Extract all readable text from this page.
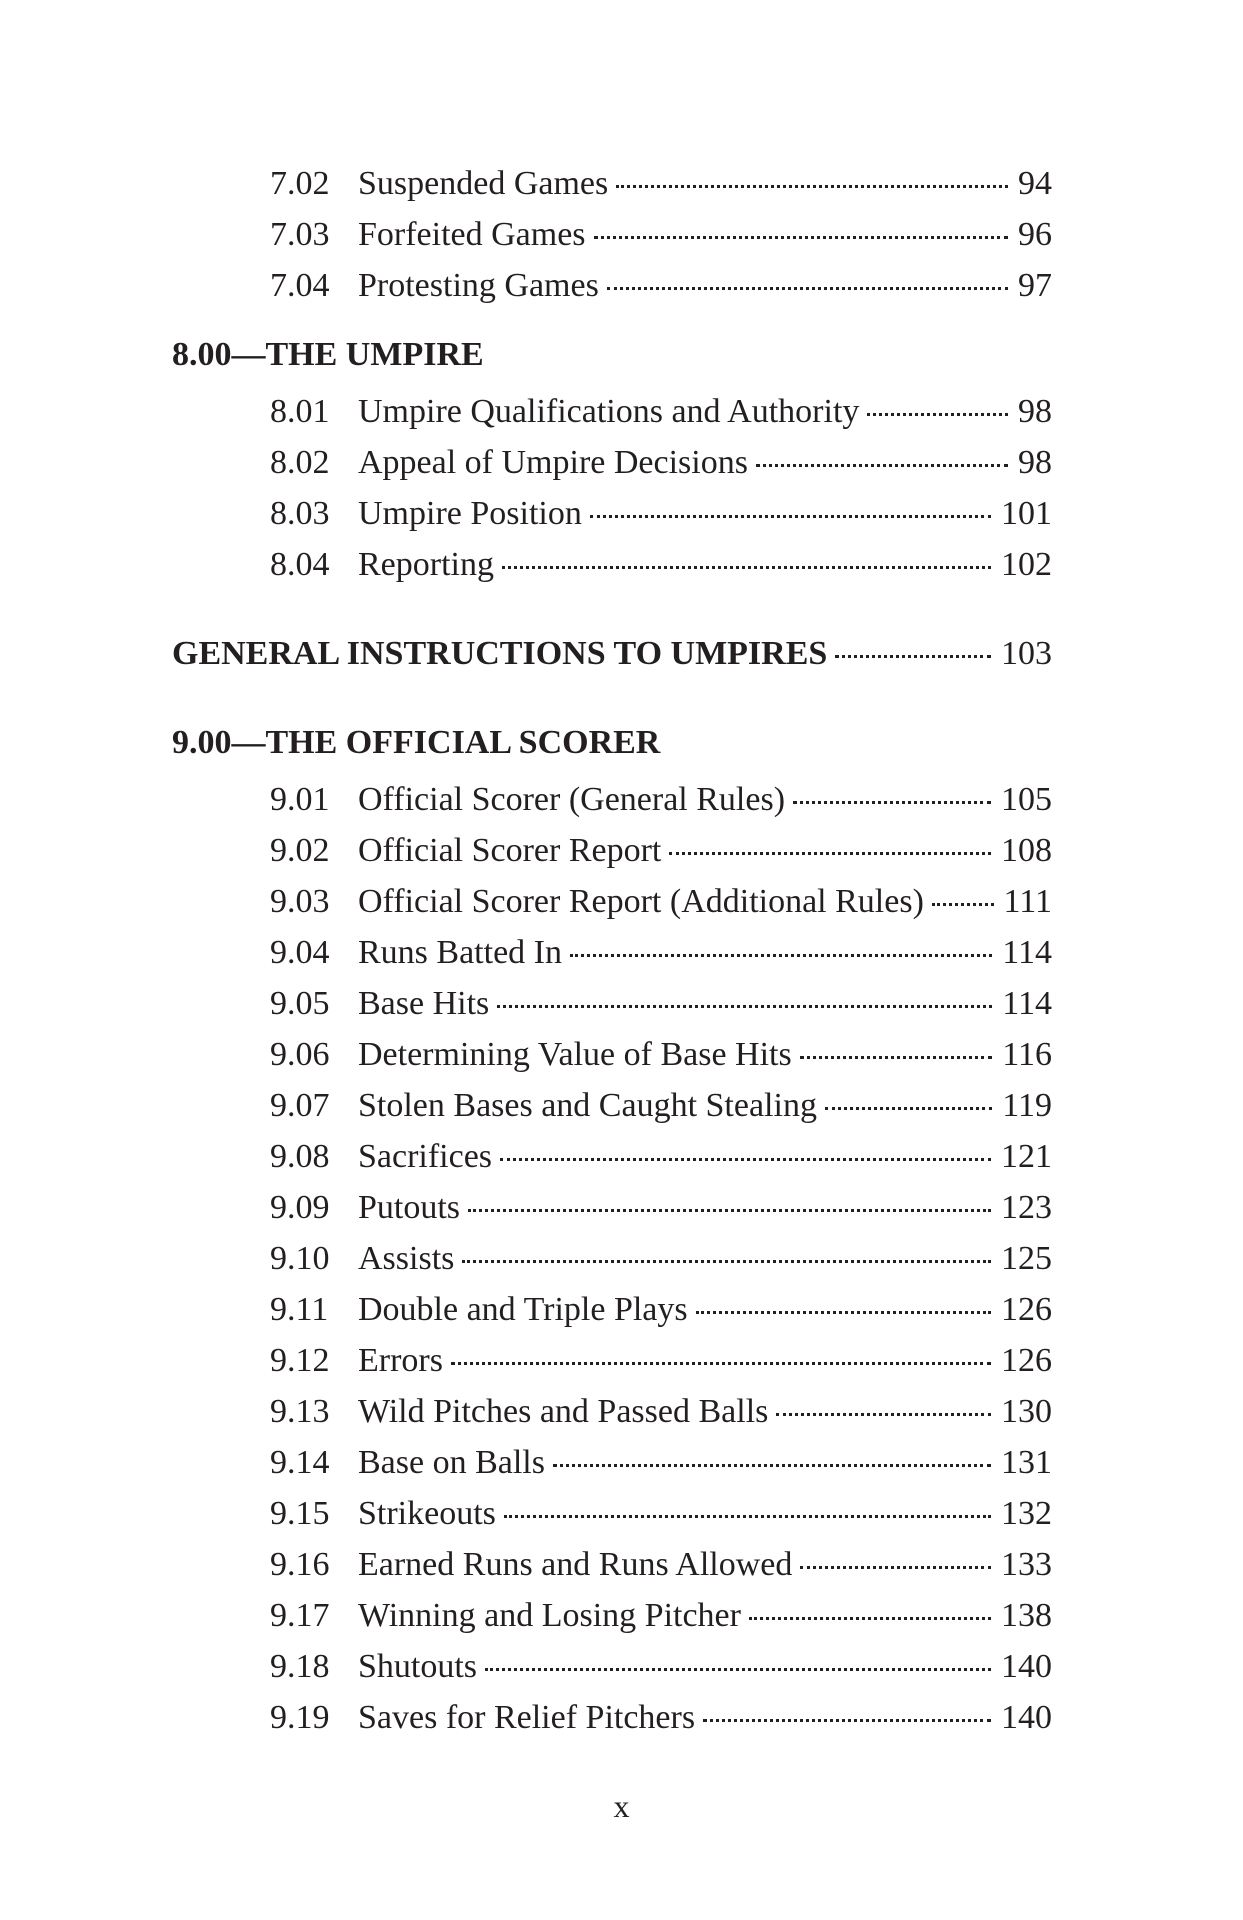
7.02 Suspended Games	94
7.03 Forfeited Games	96
7.04 Protesting Games	97
8.00—THE UMPIRE
8.01 Umpire Qualifications and Authority	98
8.02 Appeal of Umpire Decisions	98
8.03 Umpire Position	101
8.04 Reporting	102
GENERAL INSTRUCTIONS TO UMPIRES	103
9.00—THE OFFICIAL SCORER
9.01 Official Scorer (General Rules)	105
9.02 Official Scorer Report	108
9.03 Official Scorer Report (Additional Rules) 111
9.04 Runs Batted In	114
9.05 Base Hits	114
9.06 Determining Value of Base Hits	116
9.07 Stolen Bases and Caught Stealing	119
9.08 Sacrifices	121
9.09 Putouts	123
9.10 Assists	125
9.11 Double and Triple Plays	126
9.12 Errors	126
9.13 Wild Pitches and Passed Balls	130
9.14 Base on Balls	131
9.15 Strikeouts	132
9.16 Earned Runs and Runs Allowed	133
9.17 Winning and Losing Pitcher	138
9.18 Shutouts	140
9.19 Saves for Relief Pitchers	140
x
